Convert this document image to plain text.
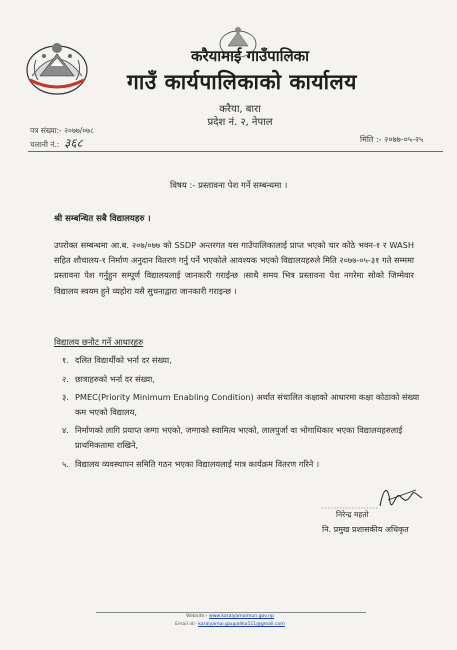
करैयामाई गाउँपालिका
गाउँ कार्यपालिकाको कार्यालय
करैया, बारा
प्रदेश नं. २, नेपाल
पत्र संख्या:- २०७७/०७८
चलानी नं.: ३६८	मिति :- २०७७-०५-२५
विषय :- प्रस्तावना पेश गर्ने सम्बन्धमा ।
श्री सम्बन्धित सबै विद्यालयहरु ।
उपरोक्त सम्बन्धमा आ.ब. २०७/०७७ को SSDP अन्तरगत यस गाउँपालिकालाई प्राप्त भएको चार कोठे भवन-१ र WASH सहित शौचालय-१ निर्माण अनुदान वितरण गर्नु पर्ने भएकोले आवश्यक भएको विद्यालयहरुले मिति २०७७-०५-३१ गते सम्ममा प्रस्तावना पेश गर्नुहुन सम्पूर्ण विद्यालयलाई जानकारी गराईन्छ ।साथै समय भित्र प्रस्तावना पेश नगरेमा सोको जिम्मेवार विद्यालय स्वयम हुने व्यहोरा यसै सुचनाद्वारा जानकारी गराइन्छ ।
विद्यालय छनौट गर्ने आधारहरु
१. दलित विद्यार्थीको भर्ना दर संख्या,
२. छात्राहरुको भर्ना दर संख्या,
३. PMEC(Priority Minimum Enabling Condition) अर्थात संचालित कक्षाको आधारमा कक्षा कोठाको संख्या कम भएको विद्यालय,
४. निर्माणको लागि प्रयाप्त जग्गा भएको, जग्गाको स्वामित्व भएको, लालपुर्जा वा भोगाधिकार भएका विद्यालयहरुलाई प्राथमिकतामा राखिने,
५. विद्यालय व्यवस्थापन समिति गठन भएका विद्यालयलाई मात्र कार्यक्रम वितरण गरिने ।
निरेन्द्र महतो
नि. प्रमुख प्रशासकीय अधिकृत
Website:- www.karaiyamaimun.gov.np
Email id:- karaiyamai.gaupalika111@gmail.com
